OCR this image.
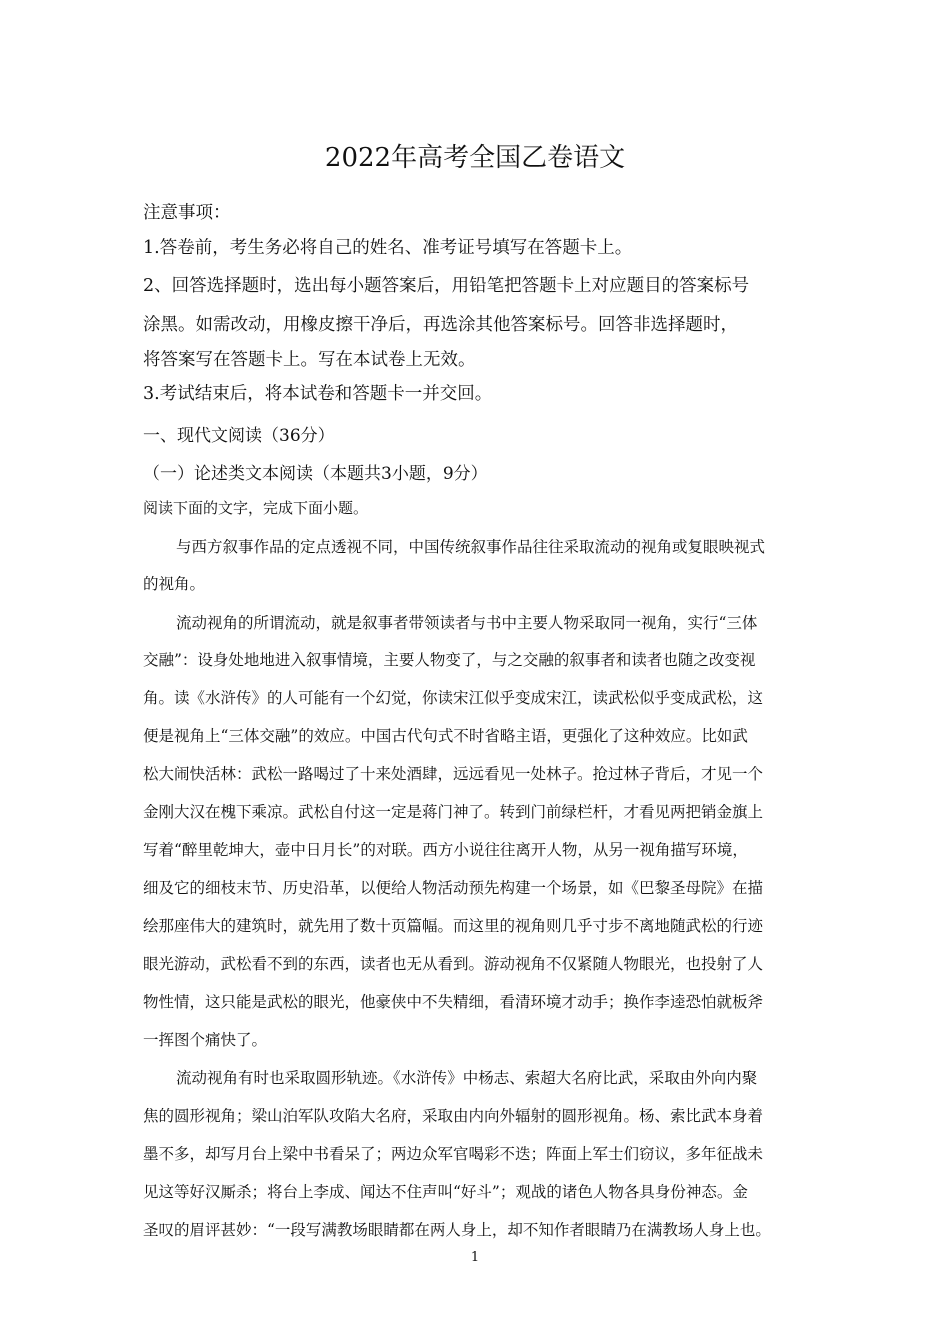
2022年高考全国乙卷语文

注意事项：

1.答卷前，考生务必将自己的姓名、准考证号填写在答题卡上。

2、回答选择题时，选出每小题答案后，用铅笔把答题卡上对应题目的答案标号

涂黑。如需改动，用橡皮擦干净后，再选涂其他答案标号。回答非选择题时，

将答案写在答题卡上。写在本试卷上无效。

3.考试结束后，将本试卷和答题卡一并交回。

一、现代文阅读（36分）

（一）论述类文本阅读（本题共3小题，9分）

阅读下面的文字，完成下面小题。

与西方叙事作品的定点透视不同，中国传统叙事作品往往采取流动的视角或复眼映视式

的视角。

流动视角的所谓流动，就是叙事者带领读者与书中主要人物采取同一视角，实行“三体

交融”：设身处地地进入叙事情境，主要人物变了，与之交融的叙事者和读者也随之改变视

角。读《水浒传》的人可能有一个幻觉，你读宋江似乎变成宋江，读武松似乎变成武松，这

便是视角上“三体交融”的效应。中国古代句式不时省略主语，更强化了这种效应。比如武

松大闹快活林：武松一路喝过了十来处酒肆，远远看见一处林子。抢过林子背后，才见一个

金刚大汉在槐下乘凉。武松自付这一定是蒋门神了。转到门前绿栏杆，才看见两把销金旗上

写着“醉里乾坤大，壶中日月长”的对联。西方小说往往离开人物，从另一视角描写环境，

细及它的细枝末节、历史沿革，以便给人物活动预先构建一个场景，如《巴黎圣母院》在描

绘那座伟大的建筑时，就先用了数十页篇幅。而这里的视角则几乎寸步不离地随武松的行迹

眼光游动，武松看不到的东西，读者也无从看到。游动视角不仅紧随人物眼光，也投射了人

物性情，这只能是武松的眼光，他豪侠中不失精细，看清环境才动手；换作李逵恐怕就板斧

一挥图个痛快了。

流动视角有时也采取圆形轨迹。《水浒传》中杨志、索超大名府比武，采取由外向内聚

焦的圆形视角；梁山泊军队攻陷大名府，采取由内向外辐射的圆形视角。杨、索比武本身着

墨不多，却写月台上梁中书看呆了；两边众军官喝彩不迭；阵面上军士们窃议，多年征战未

见这等好汉厮杀；将台上李成、闻达不住声叫“好斗”；观战的诸色人物各具身份神态。金

圣叹的眉评甚妙：“一段写满教场眼睛都在两人身上，却不知作者眼睛乃在满教场人身上也。

1
